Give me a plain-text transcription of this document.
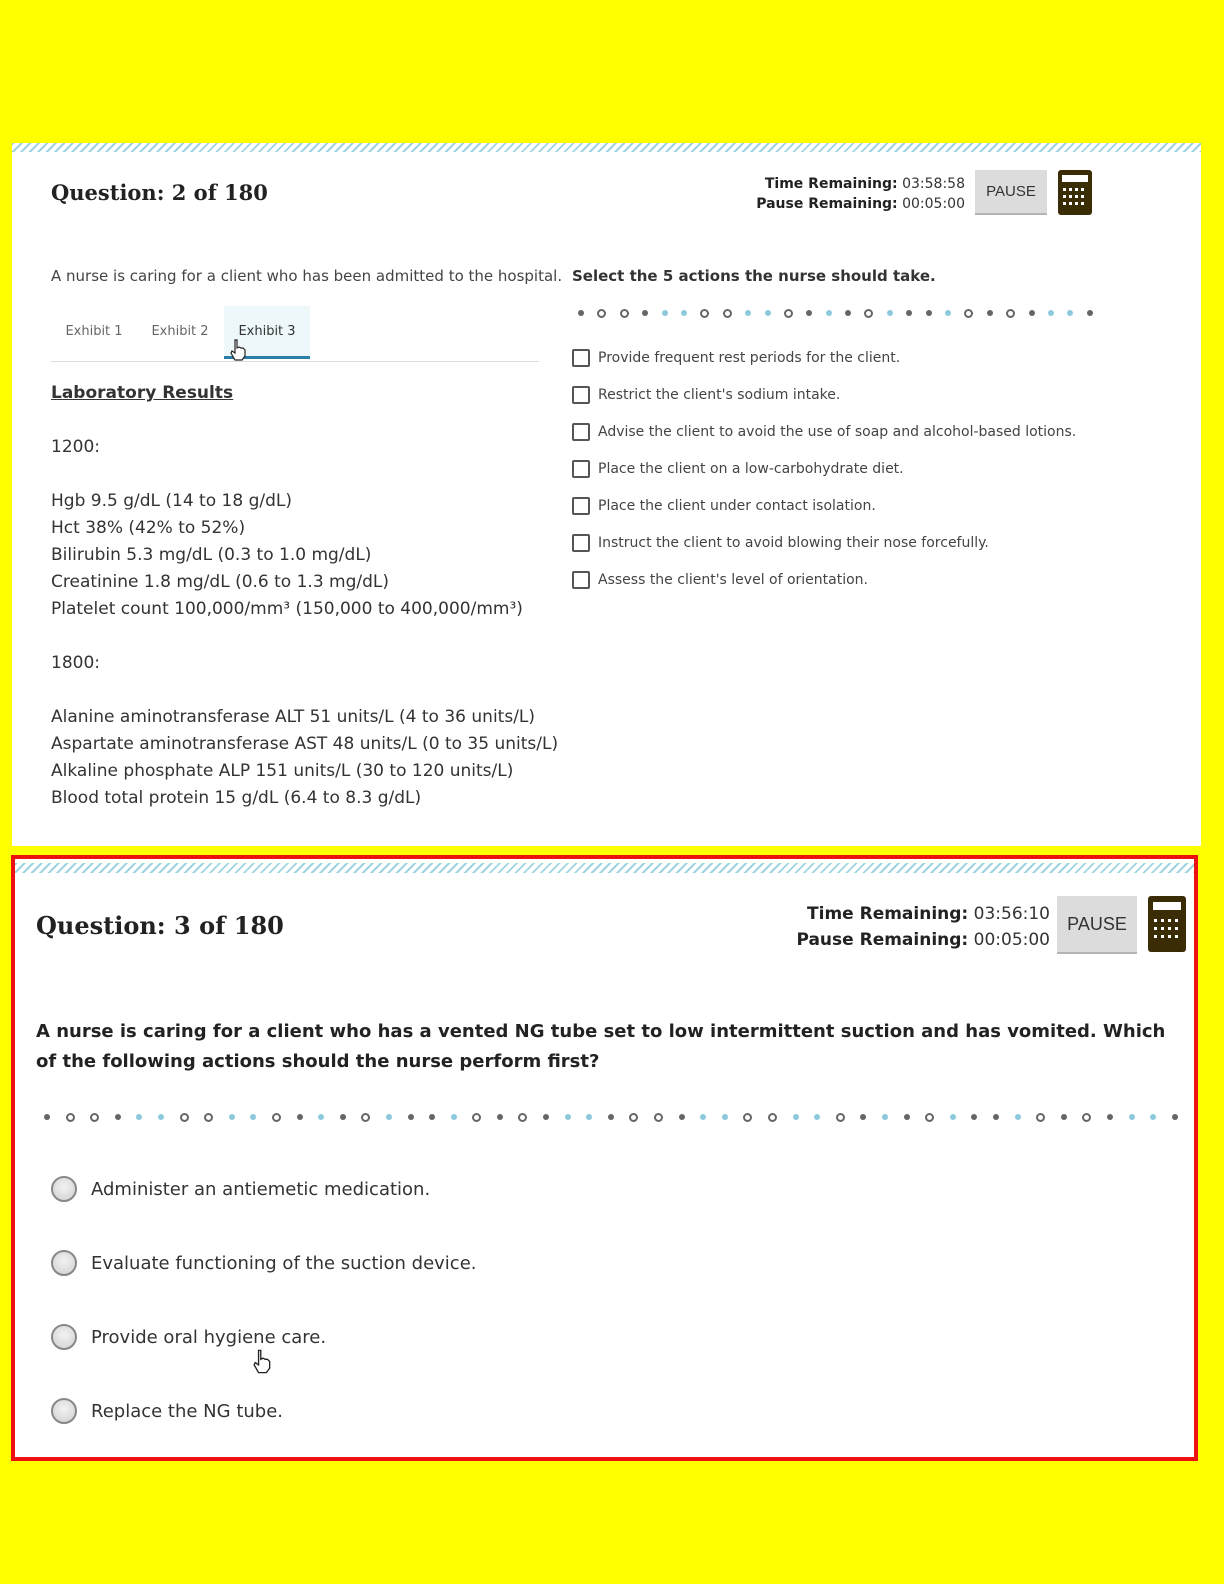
Question: 2 of 180	Time Remaining: 03:58:58
Pause Remaining: 00:05:00
PAUSE
A nurse is caring for a client who has been admitted to the hospital.
Exhibit 1	Exhibit 2	Exhibit 3
Laboratory Results
1200:
Hgb 9.5 g/dL (14 to 18 g/dL)
Hct 38% (42% to 52%)
Bilirubin 5.3 mg/dL (0.3 to 1.0 mg/dL)
Creatinine 1.8 mg/dL (0.6 to 1.3 mg/dL)
Platelet count 100,000/mm³ (150,000 to 400,000/mm³)
1800:
Alanine aminotransferase ALT 51 units/L (4 to 36 units/L)
Aspartate aminotransferase AST 48 units/L (0 to 35 units/L)
Alkaline phosphate ALP 151 units/L (30 to 120 units/L)
Blood total protein 15 g/dL (6.4 to 8.3 g/dL)
Select the 5 actions the nurse should take.
Provide frequent rest periods for the client.
Restrict the client's sodium intake.
Advise the client to avoid the use of soap and alcohol-based lotions.
Place the client on a low-carbohydrate diet.
Place the client under contact isolation.
Instruct the client to avoid blowing their nose forcefully.
Assess the client's level of orientation.
Question: 3 of 180	Time Remaining: 03:56:10
Pause Remaining: 00:05:00
PAUSE
A nurse is caring for a client who has a vented NG tube set to low intermittent suction and has vomited. Which of the following actions should the nurse perform first?
Administer an antiemetic medication.
Evaluate functioning of the suction device.
Provide oral hygiene care.
Replace the NG tube.
